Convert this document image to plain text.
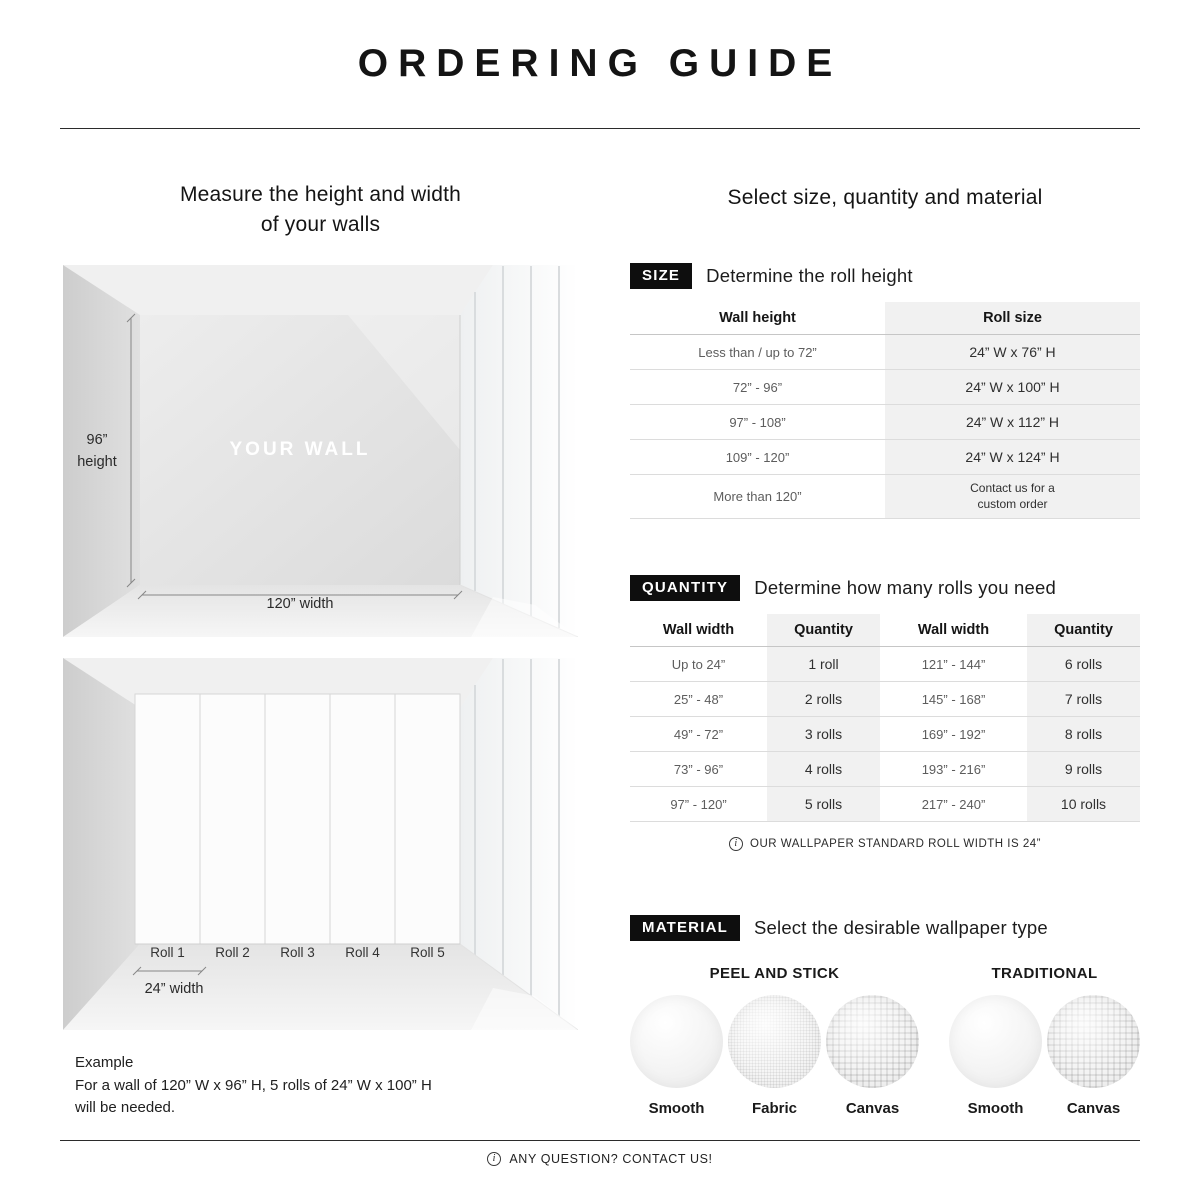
ORDERING GUIDE
Measure the height and width
of your walls
96”
height
YOUR WALL
120” width
Roll 1	Roll 2	Roll 3	Roll 4	Roll 5
24” width
Example
For a wall of 120” W x 96” H, 5 rolls of 24” W x 100” H
will be needed.
Select size, quantity and material
SIZE	Determine the roll height
Wall height	Roll size
Less than / up to 72”	24” W x 76” H
72” - 96”	24” W x 100” H
97” - 108”	24” W x 112” H
109” - 120”	24” W x 124” H
More than 120”	Contact us for a custom order
QUANTITY	Determine how many rolls you need
Wall width	Quantity	Wall width	Quantity
Up to 24”	1 roll	121” - 144”	6 rolls
25” - 48”	2 rolls	145” - 168”	7 rolls
49” - 72”	3 rolls	169” - 192”	8 rolls
73” - 96”	4 rolls	193” - 216”	9 rolls
97” - 120”	5 rolls	217” - 240”	10 rolls
i	OUR WALLPAPER STANDARD ROLL WIDTH IS 24”
MATERIAL	Select the desirable wallpaper type
PEEL AND STICK
Smooth	Fabric	Canvas
TRADITIONAL
Smooth	Canvas
i	ANY QUESTION? CONTACT US!
